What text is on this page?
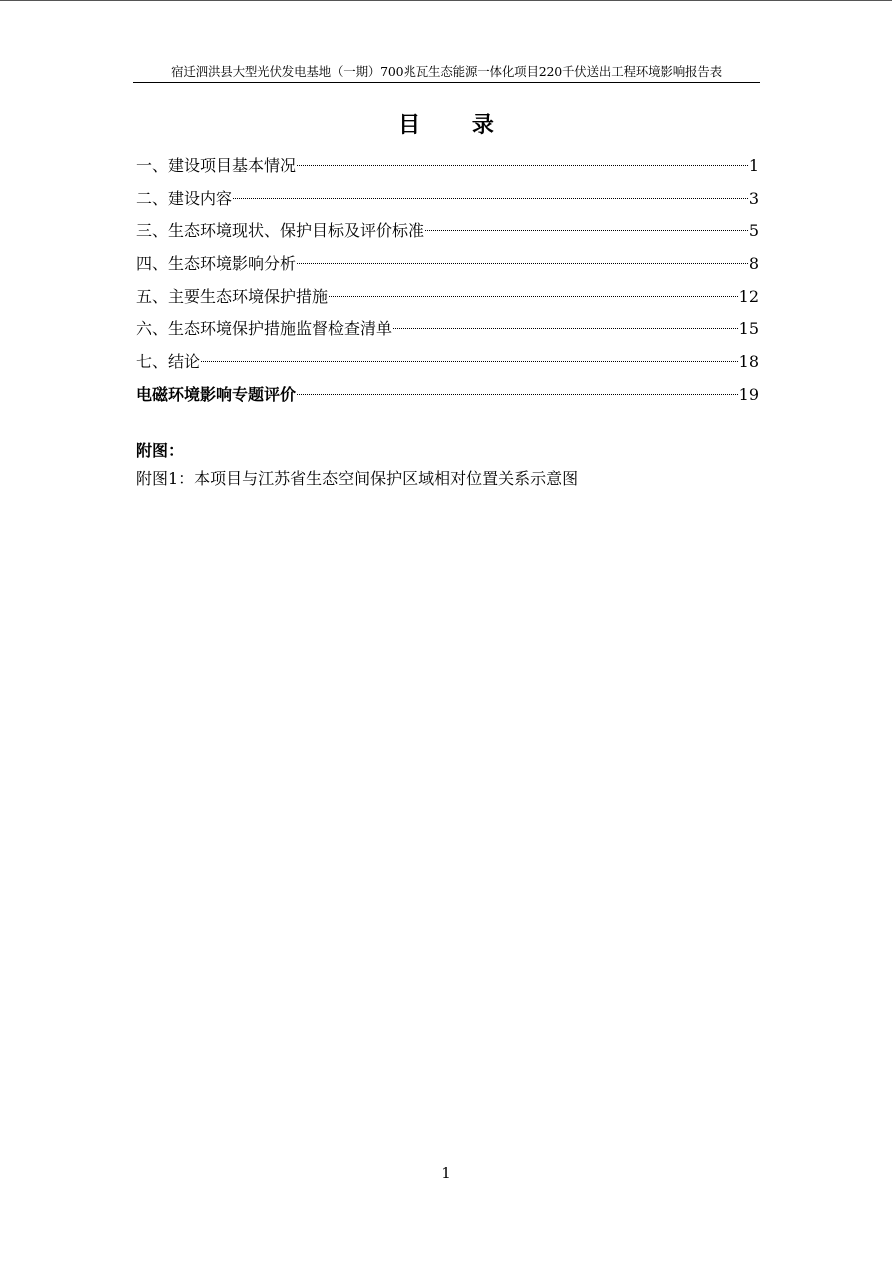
宿迁泗洪县大型光伏发电基地（一期）700兆瓦生态能源一体化项目220千伏送出工程环境影响报告表
目 录
一、建设项目基本情况	1
二、建设内容	3
三、生态环境现状、保护目标及评价标准	5
四、生态环境影响分析	8
五、主要生态环境保护措施	12
六、生态环境保护措施监督检查清单	15
七、结论	18
电磁环境影响专题评价	19
附图：
附图1：本项目与江苏省生态空间保护区域相对位置关系示意图
1
